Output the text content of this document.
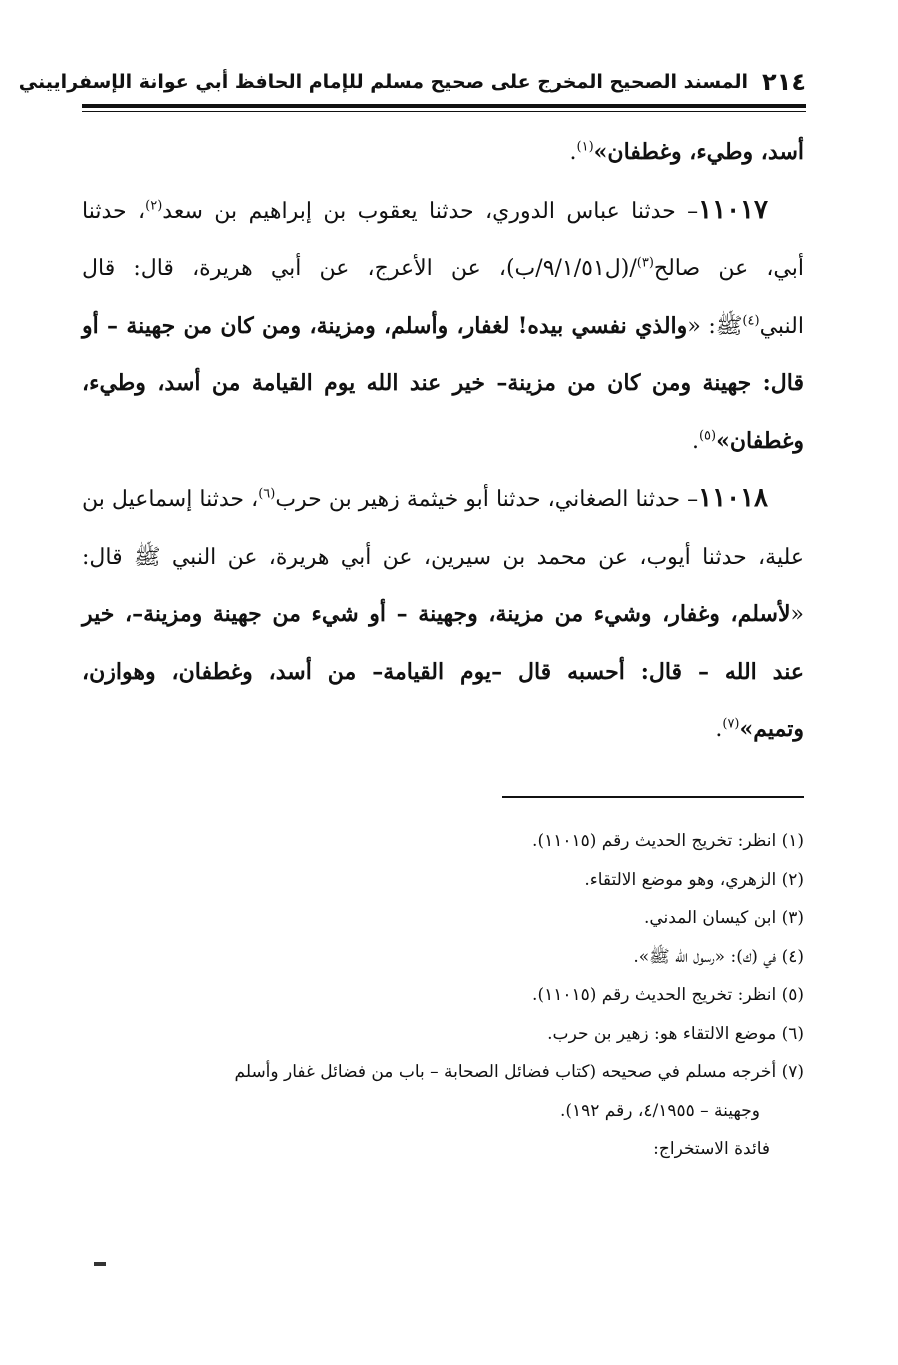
٢١٤
المسند الصحيح المخرج على صحيح مسلم للإمام الحافظ أبي عوانة الإسفراييني

أسد، وطيء، وغطفان»$^{(١)}$.

١١٠١٧– حدثنا عباس الدوري، حدثنا يعقوب بن إبراهيم بن سعد$^{(٢)}$، حدثنا أبي، عن صالح$^{(٣)}$/(ل٩/١/٥١/ب)، عن الأعرج، عن أبي هريرة، قال: قال النبي$^{(٤)}$ﷺ: «والذي نفسي بيده! لغفار، وأسلم، ومزينة، ومن كان من جهينة – أو قال: جهينة ومن كان من مزينة– خير عند الله يوم القيامة من أسد، وطيء، وغطفان»$^{(٥)}$.

١١٠١٨– حدثنا الصغاني، حدثنا أبو خيثمة زهير بن حرب$^{(٦)}$، حدثنا إسماعيل بن علية، حدثنا أيوب، عن محمد بن سيرين، عن أبي هريرة، عن النبي ﷺ قال: «لأسلم، وغفار، وشيء من مزينة، وجهينة – أو شيء من جهينة ومزينة–، خير عند الله – قال: أحسبه قال –يوم القيامة– من أسد، وغطفان، وهوازن، وتميم»$^{(٧)}$.

(١) انظر: تخريج الحديث رقم (١١٠١٥).

(٢) الزهري، وهو موضع الالتقاء.

(٣) ابن كيسان المدني.

(٤) في (ك): «رسول الله ﷺ».

(٥) انظر: تخريج الحديث رقم (١١٠١٥).

(٦) موضع الالتقاء هو: زهير بن حرب.

(٧) أخرجه مسلم في صحيحه (كتاب فضائل الصحابة – باب من فضائل غفار وأسلم

وجهينة – ٤/١٩٥٥، رقم ١٩٢).

فائدة الاستخراج:
